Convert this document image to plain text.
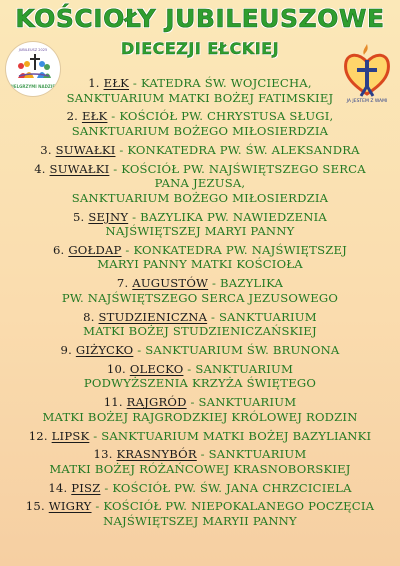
KOŚCIOŁY JUBILEUSZOWE
DIECEZJI EŁCKIEJ
JUBILEUSZ 2025
PIELGRZYMI NADZIEI
JA JESTEM Z WAMI
1. EŁK - KATEDRA ŚW. WOJCIECHA,
SANKTUARIUM MATKI BOŻEJ FATIMSKIEJ
2. EŁK - KOŚCIÓŁ PW. CHRYSTUSA SŁUGI,
SANKTUARIUM BOŻEGO MIŁOSIERDZIA
3. SUWAŁKI - KONKATEDRA PW. ŚW. ALEKSANDRA
4. SUWAŁKI - KOŚCIÓŁ PW. NAJŚWIĘTSZEGO SERCA
PANA JEZUSA,
SANKTUARIUM BOŻEGO MIŁOSIERDZIA
5. SEJNY - BAZYLIKA PW. NAWIEDZENIA
NAJŚWIĘTSZEJ MARYI PANNY
6. GOŁDAP - KONKATEDRA PW. NAJŚWIĘTSZEJ
MARYI PANNY MATKI KOŚCIOŁA
7. AUGUSTÓW - BAZYLIKA
PW. NAJŚWIĘTSZEGO SERCA JEZUSOWEGO
8. STUDZIENICZNA - SANKTUARIUM
MATKI BOŻEJ STUDZIENICZAŃSKIEJ
9. GIŻYCKO - SANKTUARIUM ŚW. BRUNONA
10. OLECKO - SANKTUARIUM
PODWYŻSZENIA KRZYŻA ŚWIĘTEGO
11. RAJGRÓD - SANKTUARIUM
MATKI BOŻEJ RAJGRODZKIEJ KRÓLOWEJ RODZIN
12. LIPSK - SANKTUARIUM MATKI BOŻEJ BAZYLIANKI
13. KRASNYBÓR - SANKTUARIUM
MATKI BOŻEJ RÓŻAŃCOWEJ KRASNOBORSKIEJ
14. PISZ - KOŚCIÓŁ PW. ŚW. JANA CHRZCICIELA
15. WIGRY - KOŚCIÓŁ PW. NIEPOKALANEGO POCZĘCIA
NAJŚWIĘTSZEJ MARYII PANNY
